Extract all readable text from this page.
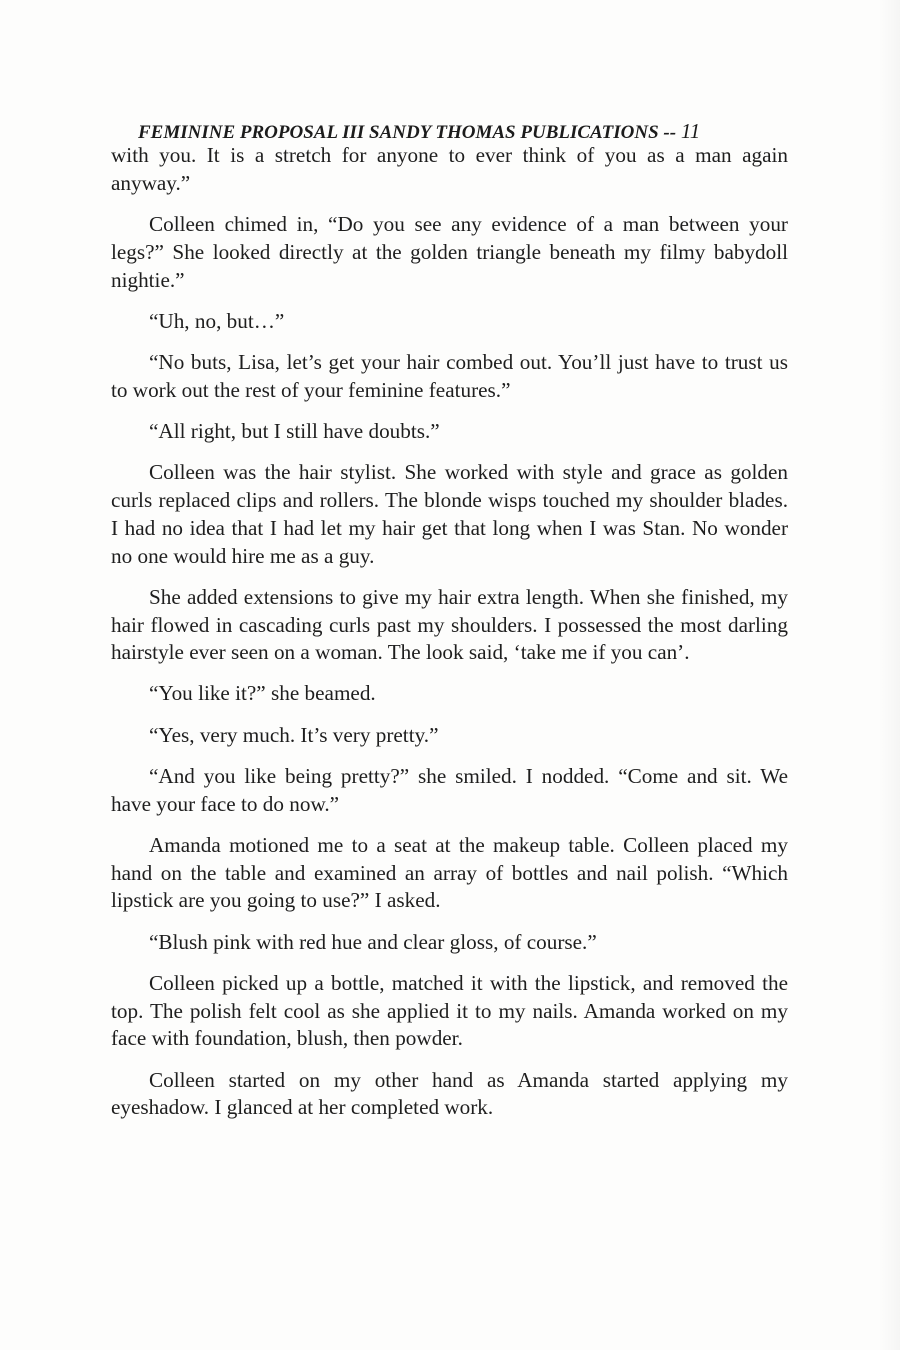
FEMININE PROPOSAL III SANDY THOMAS PUBLICATIONS -- 11

with you. It is a stretch for anyone to ever think of you as a man again anyway.”

Colleen chimed in, “Do you see any evidence of a man between your legs?” She looked directly at the golden triangle beneath my filmy babydoll nightie.”

“Uh, no, but…”

“No buts, Lisa, let’s get your hair combed out. You’ll just have to trust us to work out the rest of your feminine features.”

“All right, but I still have doubts.”

Colleen was the hair stylist. She worked with style and grace as golden curls replaced clips and rollers. The blonde wisps touched my shoulder blades. I had no idea that I had let my hair get that long when I was Stan. No wonder no one would hire me as a guy.

She added extensions to give my hair extra length. When she finished, my hair flowed in cascading curls past my shoulders. I possessed the most darling hairstyle ever seen on a woman. The look said, ‘take me if you can’.

“You like it?” she beamed.

“Yes, very much. It’s very pretty.”

“And you like being pretty?” she smiled. I nodded. “Come and sit. We have your face to do now.”

Amanda motioned me to a seat at the makeup table. Colleen placed my hand on the table and examined an array of bottles and nail polish. “Which lipstick are you going to use?” I asked.

“Blush pink with red hue and clear gloss, of course.”

Colleen picked up a bottle, matched it with the lipstick, and removed the top. The polish felt cool as she applied it to my nails. Amanda worked on my face with foundation, blush, then powder.

Colleen started on my other hand as Amanda started applying my eyeshadow. I glanced at her completed work.
